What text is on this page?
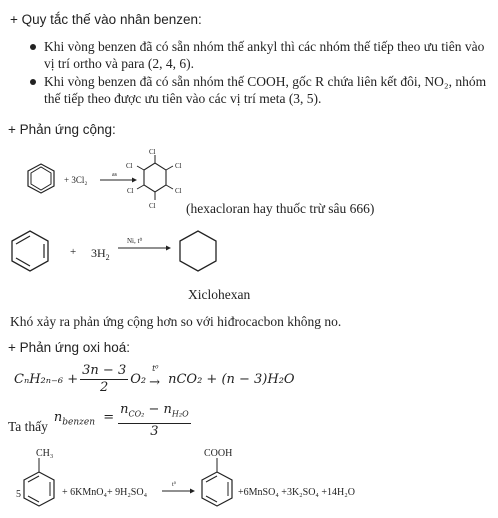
+ Quy tắc thế vào nhân benzen:
Khi vòng benzen đã có sẵn nhóm thế ankyl thì các nhóm thế tiếp theo ưu tiên vào vị trí ortho và para (2, 4, 6).
Khi vòng benzen đã có sẵn nhóm thế COOH, gốc R chứa liên kết đôi, NO₂, nhóm thế tiếp theo được ưu tiên vào các vị trí meta (3, 5).
+ Phản ứng cộng:
+ 3Cl₂	as
Cl
Cl	Cl
Cl	Cl
Cl (hexacloran hay thuốc trừ sâu 666)
+ $3H_2$
Ni, t⁰
Xiclohexan
Khó xảy ra phản ứng cộng hơn so với hiđrocacbon không no.
+ Phản ứng oxi hoá:
$C_nH_{2n-6} + \frac{3n - 3}{2} O_2$
t⁰
→ nCO₂ + (n − 3)H₂O
Ta thấy
$n_{benzen} = \frac{n_{CO_2} - n_{H_2O}}{3}$
5
CH₃
+ 6KMnO₄+ 9H₂SO₄
t⁰
COOH
+6MnSO₄ +3K₂SO₄ +14H₂O
